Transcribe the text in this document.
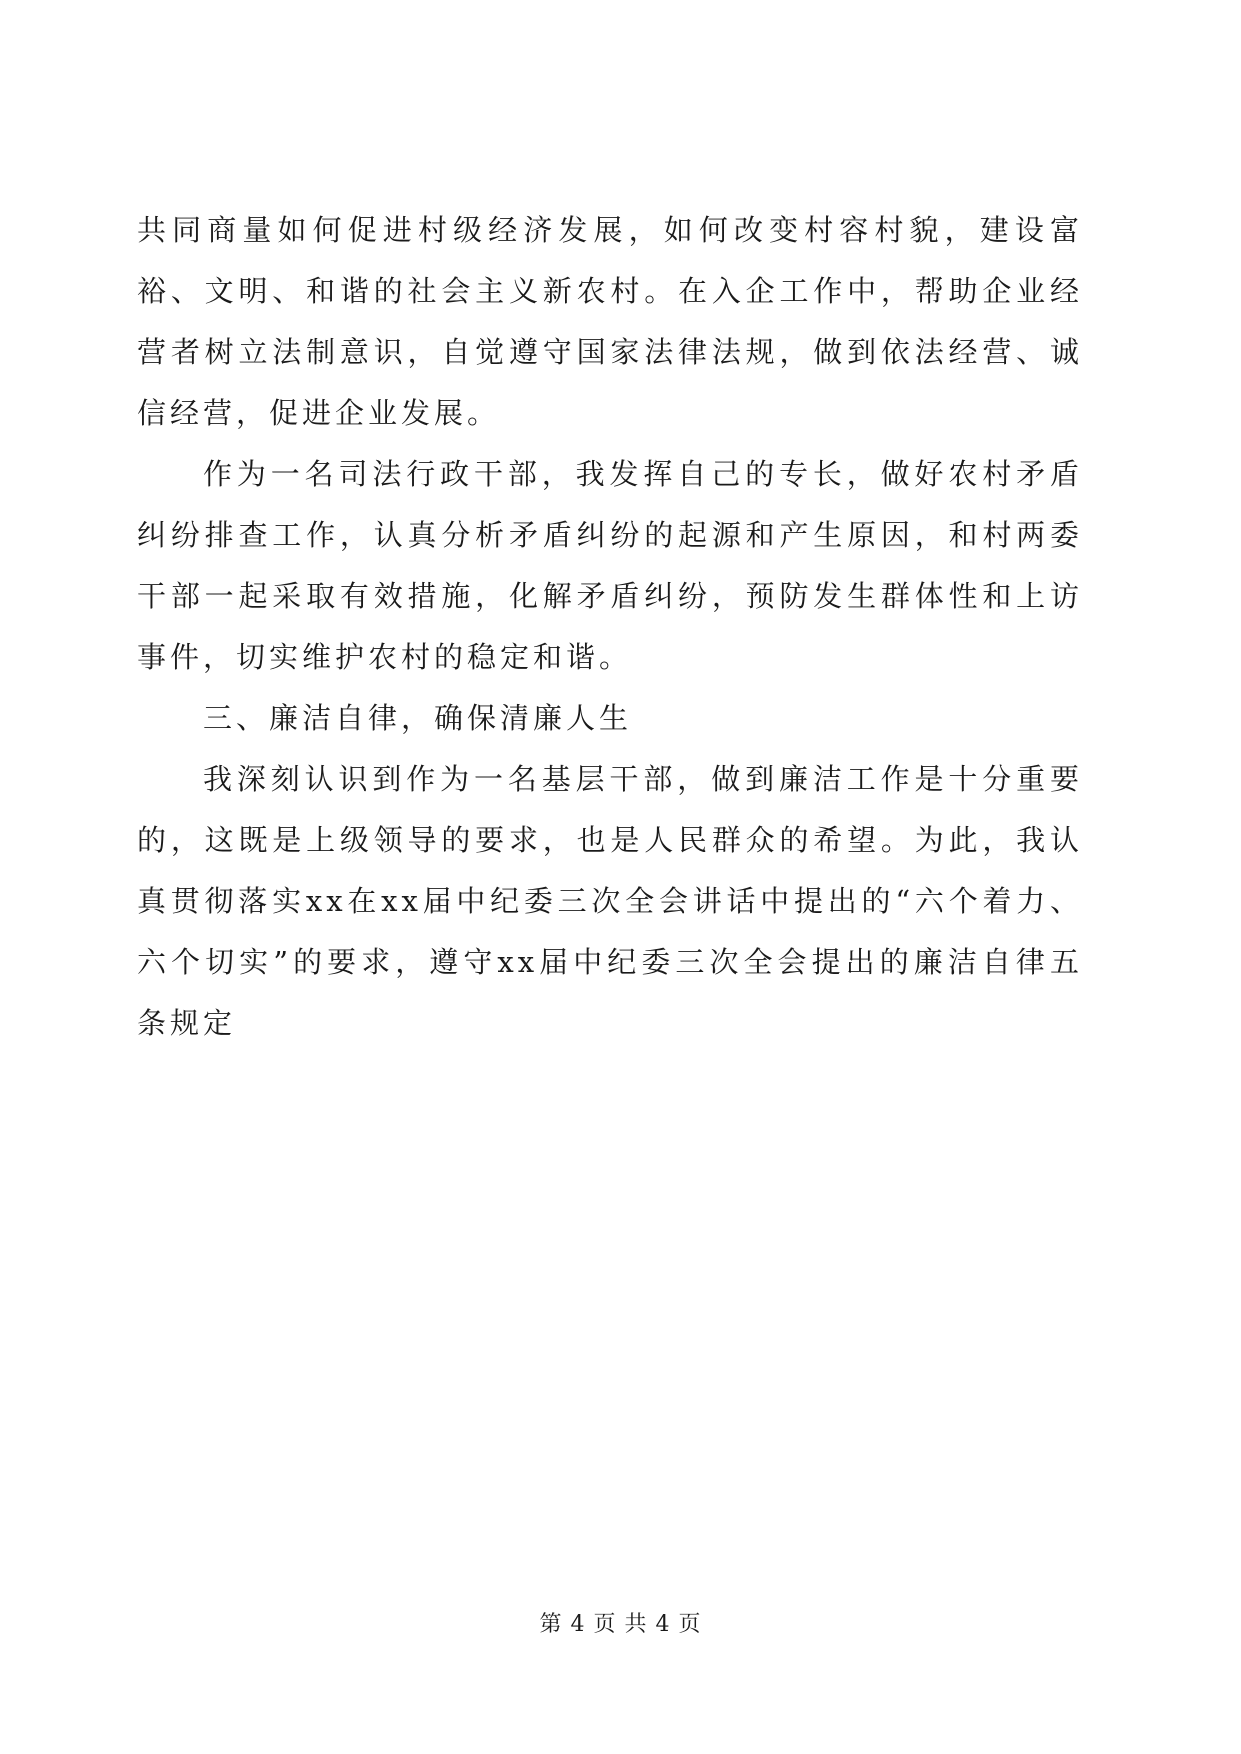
共同商量如何促进村级经济发展，如何改变村容村貌，建设富裕、文明、和谐的社会主义新农村。在入企工作中，帮助企业经营者树立法制意识，自觉遵守国家法律法规，做到依法经营、诚信经营，促进企业发展。

作为一名司法行政干部，我发挥自己的专长，做好农村矛盾纠纷排查工作，认真分析矛盾纠纷的起源和产生原因，和村两委干部一起采取有效措施，化解矛盾纠纷，预防发生群体性和上访事件，切实维护农村的稳定和谐。

三、廉洁自律，确保清廉人生

我深刻认识到作为一名基层干部，做到廉洁工作是十分重要的，这既是上级领导的要求，也是人民群众的希望。为此，我认真贯彻落实xx在xx届中纪委三次全会讲话中提出的“六个着力、六个切实”的要求，遵守xx届中纪委三次全会提出的廉洁自律五条规定

第 4 页 共 4 页
